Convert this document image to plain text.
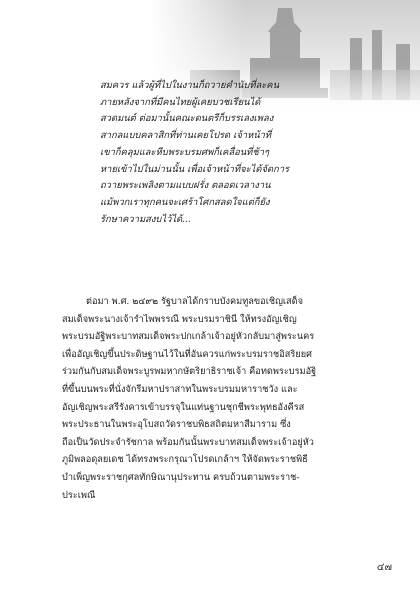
สมควร แล้วผู้ที่ไปในงานก็ถวายคำนับที่ละคน
ภายหลังจากที่มีคนไทยผู้เคยบวชเรียนได้
สวดมนต์ ต่อมานั้นคณะดนตรีก็บรรเลงเพลง
สากลแบบคลาสิกที่ท่านเคยโปรด เจ้าหน้าที่
เขาก็คลุมและหีบพระบรมศพก็เคลื่อนที่ช้าๆ
หายเข้าไปในม่านนั้น เพื่อเจ้าหน้าที่จะได้จัดการ
ถวายพระเพลิงตามแบบฝรั่ง ตลอดเวลางาน
แม้พวกเราทุกคนจะเศร้าโศกสลดใจแต่ก็ยัง
รักษาความสงบไว้ได้...
ต่อมา พ.ศ. ๒๔๙๒ รัฐบาลได้กราบบังคมทูลขอเชิญเสด็จ
สมเด็จพระนางเจ้ารำไพพรรณี พระบรมราชินี ให้ทรงอัญเชิญ
พระบรมอัฐิพระบาทสมเด็จพระปกเกล้าเจ้าอยู่หัวกลับมาสู่พระนคร
เพื่ออัญเชิญขึ้นประดิษฐานไว้ในที่อันควรแก่พระบรมราชอิสริยยศ
ร่วมกันกับสมเด็จพระบูรพมหากษัตริยาธิราชเจ้า คือทดพระบรมอัฐิ
ที่ขึ้นบนพระที่นั่งจักรีมหาปราสาทในพระบรมมหาราชวัง และ
อัญเชิญพระสรีรังคารเข้าบรรจุในแท่นฐานชุกชีพระพุทธอังคีรส
พระประธานในพระอุโบสถวัดราชบพิธสถิตมหาสีมาราม ซึ่ง
ถือเป็นวัดประจำรัชกาล พร้อมกันนั้นพระบาทสมเด็จพระเจ้าอยู่หัว
ภูมิพลอดุลยเดช ได้ทรงพระกรุณาโปรดเกล้าฯ ให้จัดพระราชพิธี
บำเพ็ญพระราชกุศลทักษิณานุประทาน ครบถ้วนตามพระราช-
ประเพณี
๔๗
